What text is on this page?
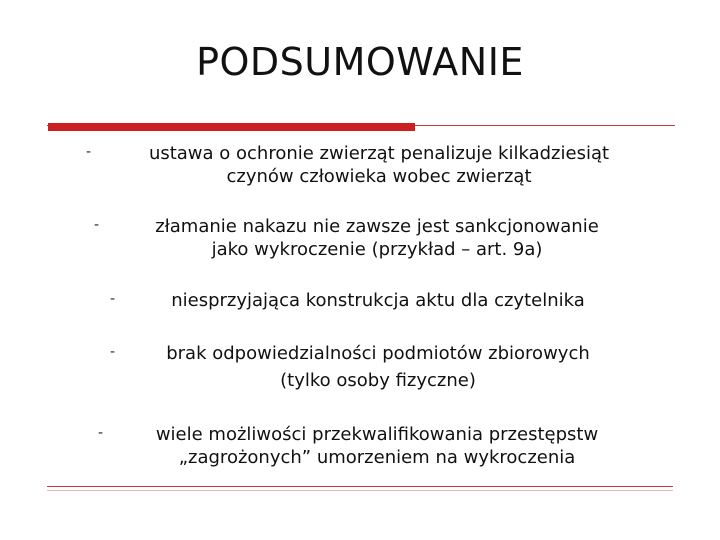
PODSUMOWANIE
-	ustawa o ochronie zwierząt penalizuje kilkadziesiąt
czynów człowieka wobec zwierząt
-	złamanie nakazu nie zawsze jest sankcjonowanie
jako wykroczenie (przykład – art. 9a)
-	niesprzyjająca konstrukcja aktu dla czytelnika
-	brak odpowiedzialności podmiotów zbiorowych
(tylko osoby fizyczne)
-	wiele możliwości przekwalifikowania przestępstw
„zagrożonych” umorzeniem na wykroczenia
